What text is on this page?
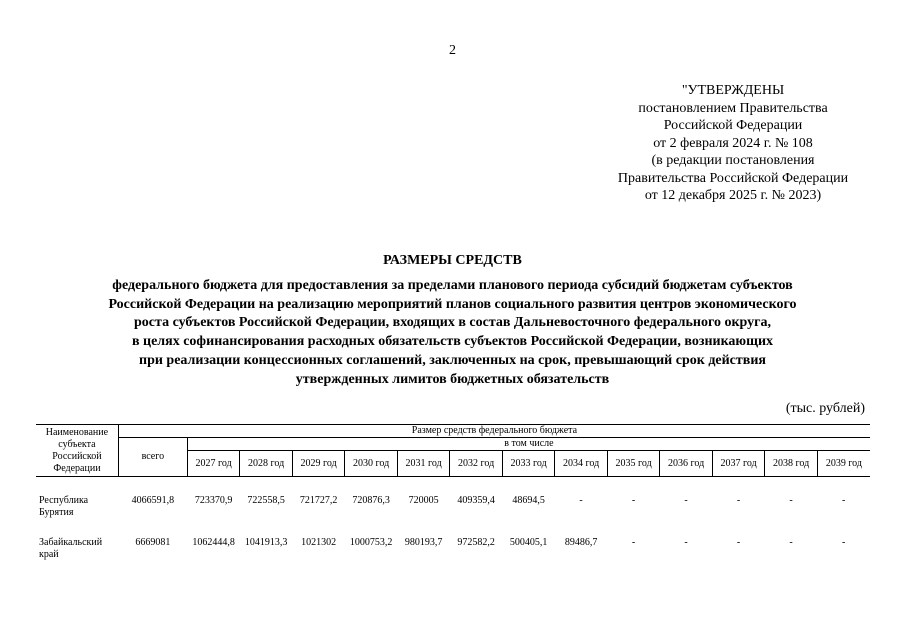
2
"УТВЕРЖДЕНЫ
постановлением Правительства
Российской Федерации
от 2 февраля 2024 г. № 108
(в редакции постановления
Правительства Российской Федерации
от 12 декабря 2025 г. № 2023)
РАЗМЕРЫ СРЕДСТВ
федерального бюджета для предоставления за пределами планового периода субсидий бюджетам субъектов
Российской Федерации на реализацию мероприятий планов социального развития центров экономического
роста субъектов Российской Федерации, входящих в состав Дальневосточного федерального округа,
в целях софинансирования расходных обязательств субъектов Российской Федерации, возникающих
при реализации концессионных соглашений, заключенных на срок, превышающий срок действия
утвержденных лимитов бюджетных обязательств
(тыс. рублей)
Наименование субъекта Российской Федерации	Размер средств федерального бюджета													
	всего	в том числе												
		2027 год	2028 год	2029 год	2030 год	2031 год	2032 год	2033 год	2034 год	2035 год	2036 год	2037 год	2038 год	2039 год

Республика Бурятия	4066591,8	723370,9	722558,5	721727,2	720876,3	720005	409359,4	48694,5	-	-	-	-	-	-

Забайкальский край	6669081	1062444,8	1041913,3	1021302	1000753,2	980193,7	972582,2	500405,1	89486,7	-	-	-	-	-
